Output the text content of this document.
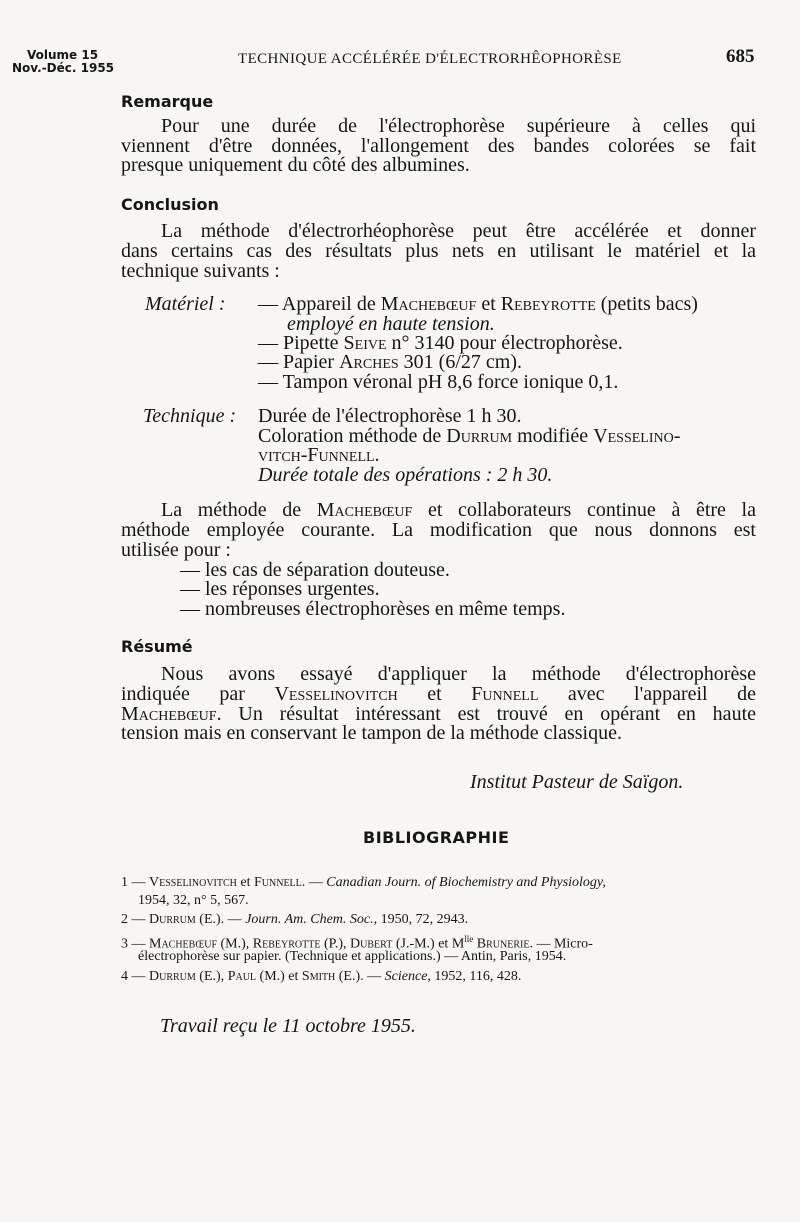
Volume 15
Nov.-Déc. 1955
TECHNIQUE ACCÉLÉRÉE D'ÉLECTRORHÊOPHORÈSE	685
Remarque
Pour une durée de l'électrophorèse supérieure à celles qui
viennent d'être données, l'allongement des bandes colorées se fait
presque uniquement du côté des albumines.
Conclusion
La méthode d'électrorhéophorèse peut être accélérée et donner
dans certains cas des résultats plus nets en utilisant le matériel et la
technique suivants :
Matériel : — Appareil de Machebœuf et Rebeyrotte (petits bacs)
employé en haute tension.
— Pipette Seive n° 3140 pour électrophorèse.
— Papier Arches 301 (6/27 cm).
— Tampon véronal pH 8,6 force ionique 0,1.
Technique : Durée de l'électrophorèse 1 h 30.
Coloration méthode de Durrum modifiée Vesselino-
vitch-Funnell.
Durée totale des opérations : 2 h 30.
La méthode de Machebœuf et collaborateurs continue à être la
méthode employée courante. La modification que nous donnons est
utilisée pour :
— les cas de séparation douteuse.
— les réponses urgentes.
— nombreuses électrophorèses en même temps.
Résumé
Nous avons essayé d'appliquer la méthode d'électrophorèse
indiquée par Vesselinovitch et Funnell avec l'appareil de
Machebœuf. Un résultat intéressant est trouvé en opérant en haute
tension mais en conservant le tampon de la méthode classique.
Institut Pasteur de Saïgon.
BIBLIOGRAPHIE
1 — Vesselinovitch et Funnell. — Canadian Journ. of Biochemistry and Physiology,
1954, 32, n° 5, 567.
2 — Durrum (E.). — Journ. Am. Chem. Soc., 1950, 72, 2943.
3 — Machebœuf (M.), Rebeyrotte (P.), Dubert (J.-M.) et $M^{lle}$ Brunerie. — Micro-
électrophorèse sur papier. (Technique et applications.) — Antin, Paris, 1954.
4 — Durrum (E.), Paul (M.) et Smith (E.). — Science, 1952, 116, 428.
Travail reçu le 11 octobre 1955.
